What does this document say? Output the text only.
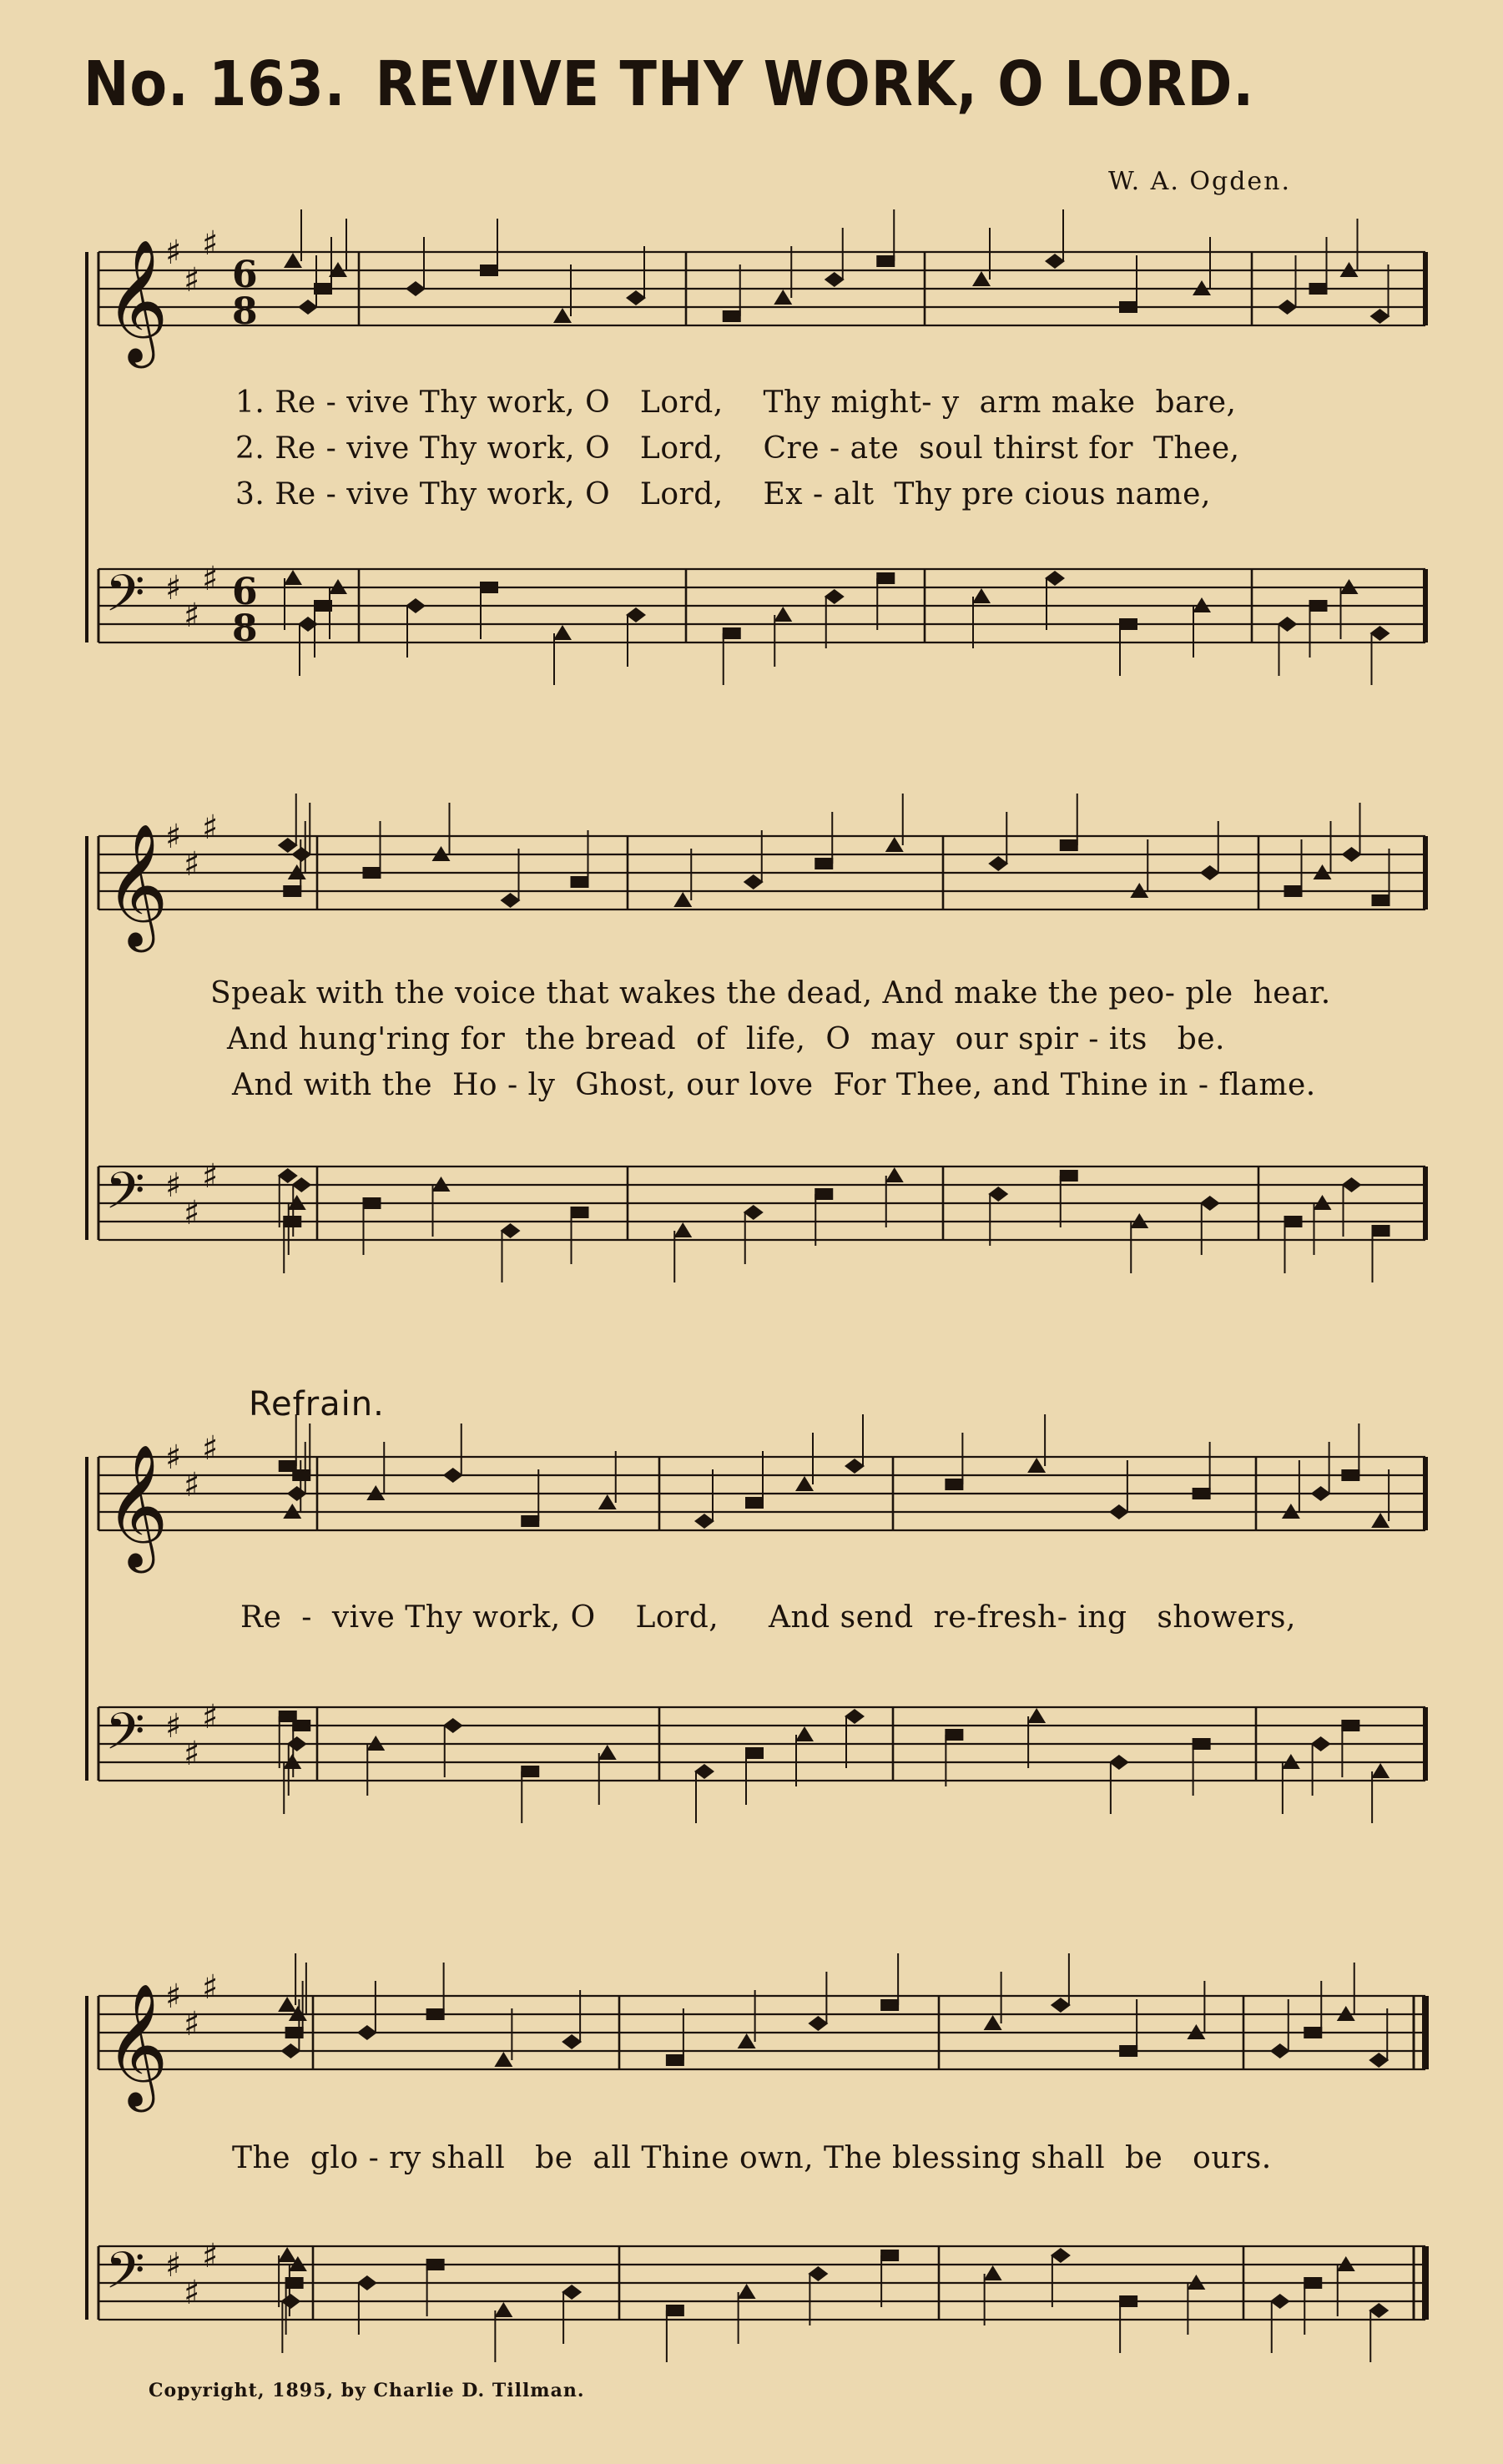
No. 163. REVIVE THY WORK, O LORD.
W. A. Ogden.
𝄞
♯
♯
♯
6
8
𝄢 ♯
♯
♯ 6
8
𝄞
♯
♯
♯
𝄢 ♯
♯
♯
𝄞
♯
♯
♯
𝄢 ♯
♯
♯
𝄞
♯
♯
♯
𝄢 ♯
♯
♯
1. Re - vive Thy work, O   Lord,    Thy might- y  arm make  bare,
2. Re - vive Thy work, O   Lord,    Cre - ate  soul thirst for  Thee,
3. Re - vive Thy work, O   Lord,    Ex - alt  Thy pre cious name,
Speak with the voice that wakes the dead, And make the peo- ple  hear.
And hung'ring for  the bread  of  life,  O  may  our spir - its   be.
And with the  Ho - ly  Ghost, our love  For Thee, and Thine in - flame.
Refrain.
Re  -  vive Thy work, O    Lord,     And send  re-fresh- ing   showers,
The  glo - ry shall   be  all Thine own, The blessing shall  be   ours.
Copyright, 1895, by Charlie D. Tillman.
